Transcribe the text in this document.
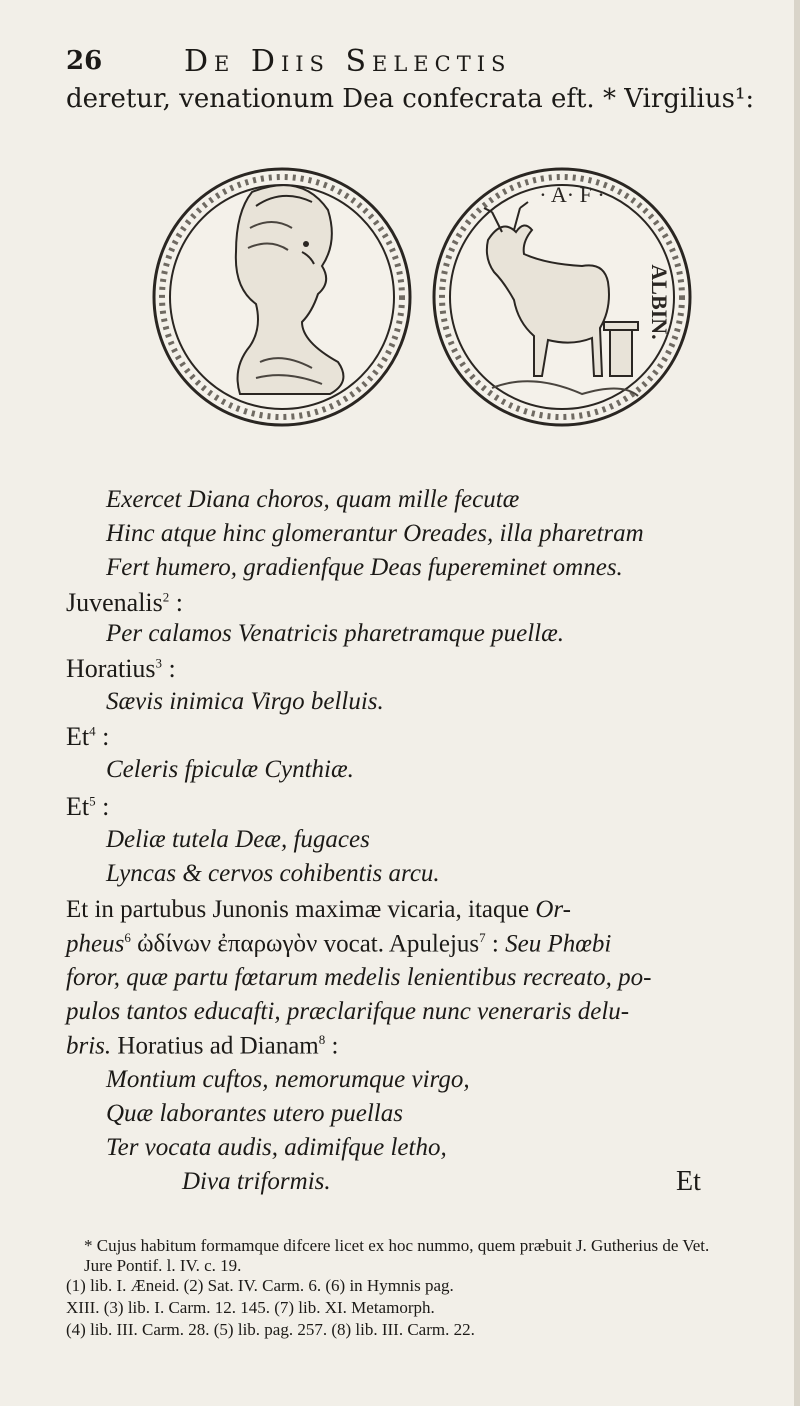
26	De Diis Selectis
deretur, venationum Dea confecrata eft. * Virgilius¹:
· A· F ·
ALBIN.
Exercet Diana choros, quam mille fecutæ
Hinc atque hinc glomerantur Oreades, illa pharetram
Fert humero, gradienfque Deas fupereminet omnes.
Juvenalis$^2$ :
Per calamos Venatricis pharetramque puellæ.
Horatius$^3$ :
Sævis inimica Virgo belluis.
Et$^4$ :
Celeris fpiculæ Cynthiæ.
Et$^5$ :
Deliæ tutela Deæ, fugaces
Lyncas & cervos cohibentis arcu.
Et in partubus Junonis maximæ vicaria, itaque Or-
pheus$^6$ ὠδίνων ἐπαρωγὸν vocat. Apulejus$^7$ : Seu Phœbi
foror, quæ partu fœtarum medelis lenientibus recreato, po-
pulos tantos educafti, præclarifque nunc veneraris delu-
bris. Horatius ad Dianam$^8$ :
Montium cuftos, nemorumque virgo,
Quæ laborantes utero puellas
Ter vocata audis, adimifque letho,
Diva triformis.	Et
* Cujus habitum formamque difcere licet ex hoc nummo, quem præbuit J. Gutherius de Vet. Jure Pontif. l. IV. c. 19.
(1) lib. I. Æneid. (2) Sat. IV. Carm. 6. (6) in Hymnis pag.
XIII. (3) lib. I. Carm. 12. 145. (7) lib. XI. Metamorph.
(4) lib. III. Carm. 28. (5) lib. pag. 257. (8) lib. III. Carm. 22.
